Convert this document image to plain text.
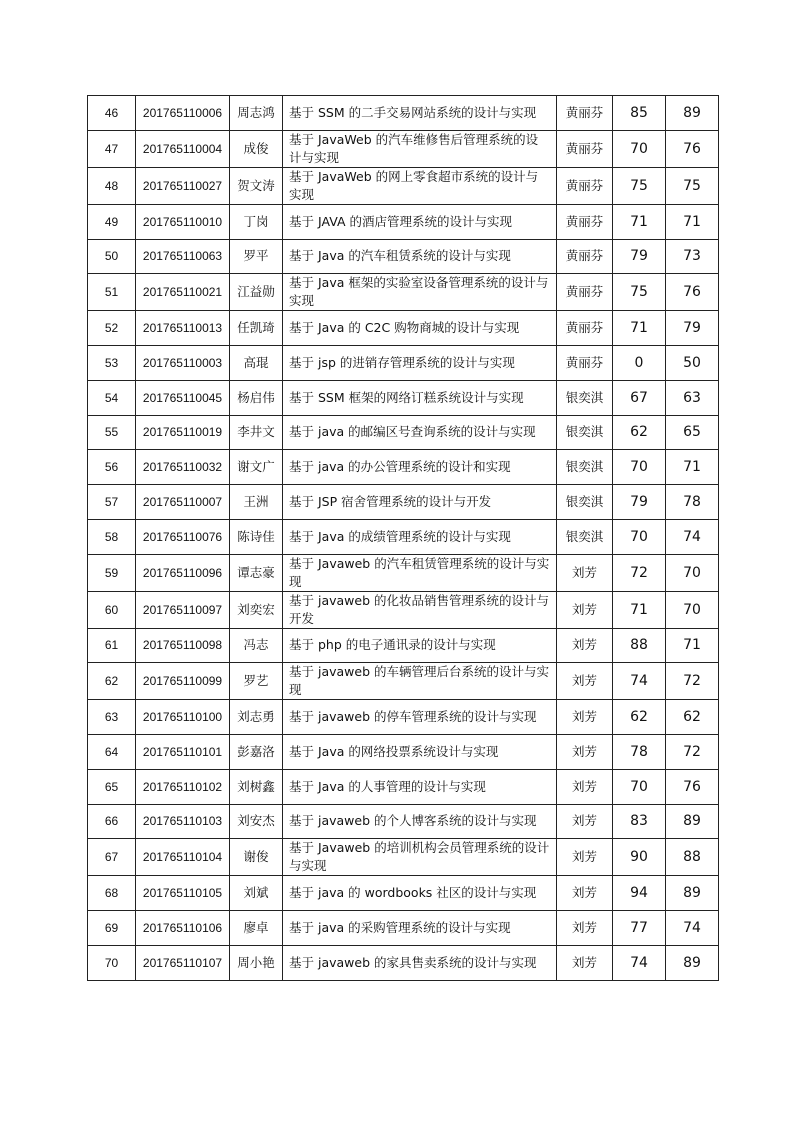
46	201765110006	周志鸿	基于 SSM 的二手交易网站系统的设计与实现	黄丽芬	85	89
47	201765110004	成俊	基于 JavaWeb 的汽车维修售后管理系统的设计与实现	黄丽芬	70	76
48	201765110027	贺文涛	基于 JavaWeb 的网上零食超市系统的设计与实现	黄丽芬	75	75
49	201765110010	丁岗	基于 JAVA 的酒店管理系统的设计与实现	黄丽芬	71	71
50	201765110063	罗平	基于 Java 的汽车租赁系统的设计与实现	黄丽芬	79	73
51	201765110021	江益勋	基于 Java 框架的实验室设备管理系统的设计与实现	黄丽芬	75	76
52	201765110013	任凯琦	基于 Java 的 C2C 购物商城的设计与实现	黄丽芬	71	79
53	201765110003	高琨	基于 jsp 的进销存管理系统的设计与实现	黄丽芬	0	50
54	201765110045	杨启伟	基于 SSM 框架的网络订糕系统设计与实现	银奕淇	67	63
55	201765110019	李井文	基于 java 的邮编区号查询系统的设计与实现	银奕淇	62	65
56	201765110032	谢文广	基于 java 的办公管理系统的设计和实现	银奕淇	70	71
57	201765110007	王洲	基于 JSP 宿舍管理系统的设计与开发	银奕淇	79	78
58	201765110076	陈诗佳	基于 Java 的成绩管理系统的设计与实现	银奕淇	70	74
59	201765110096	谭志豪	基于 Javaweb 的汽车租赁管理系统的设计与实现	刘芳	72	70
60	201765110097	刘奕宏	基于 javaweb 的化妆品销售管理系统的设计与开发	刘芳	71	70
61	201765110098	冯志	基于 php 的电子通讯录的设计与实现	刘芳	88	71
62	201765110099	罗艺	基于 javaweb 的车辆管理后台系统的设计与实现	刘芳	74	72
63	201765110100	刘志勇	基于 javaweb 的停车管理系统的设计与实现	刘芳	62	62
64	201765110101	彭嘉洛	基于 Java 的网络投票系统设计与实现	刘芳	78	72
65	201765110102	刘树鑫	基于 Java 的人事管理的设计与实现	刘芳	70	76
66	201765110103	刘安杰	基于 javaweb 的个人博客系统的设计与实现	刘芳	83	89
67	201765110104	谢俊	基于 Javaweb 的培训机构会员管理系统的设计与实现	刘芳	90	88
68	201765110105	刘斌	基于 java 的 wordbooks 社区的设计与实现	刘芳	94	89
69	201765110106	廖卓	基于 java 的采购管理系统的设计与实现	刘芳	77	74
70	201765110107	周小艳	基于 javaweb 的家具售卖系统的设计与实现	刘芳	74	89
